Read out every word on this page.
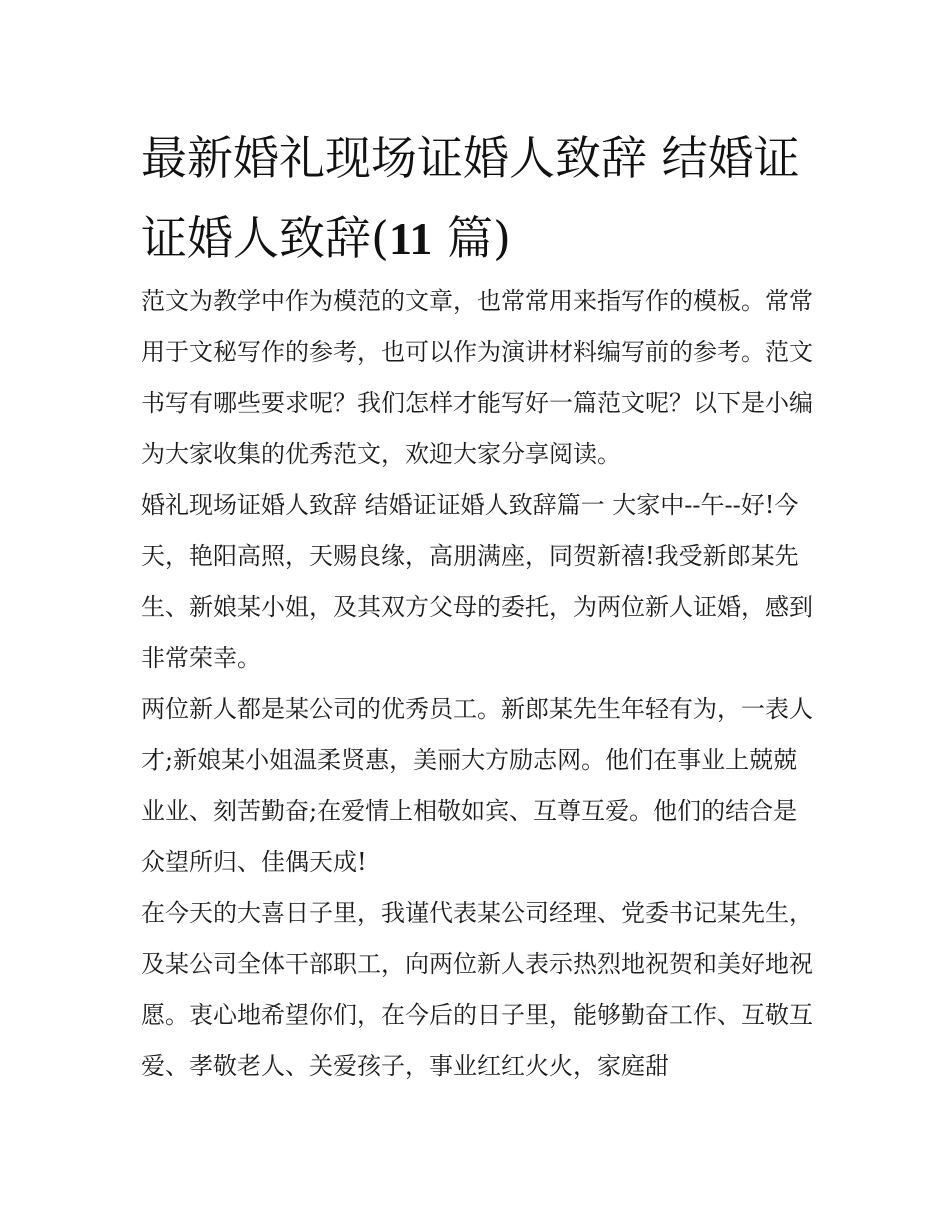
最新婚礼现场证婚人致辞 结婚证证婚人致辞(11 篇)

范文为教学中作为模范的文章，也常常用来指写作的模板。常常用于文秘写作的参考，也可以作为演讲材料编写前的参考。范文书写有哪些要求呢？我们怎样才能写好一篇范文呢？以下是小编为大家收集的优秀范文，欢迎大家分享阅读。

婚礼现场证婚人致辞 结婚证证婚人致辞篇一 大家中--午--好!今天，艳阳高照，天赐良缘，高朋满座，同贺新禧!我受新郎某先生、新娘某小姐，及其双方父母的委托，为两位新人证婚，感到非常荣幸。

两位新人都是某公司的优秀员工。新郎某先生年轻有为，一表人才;新娘某小姐温柔贤惠，美丽大方励志网。他们在事业上兢兢业业、刻苦勤奋;在爱情上相敬如宾、互尊互爱。他们的结合是众望所归、佳偶天成!

在今天的大喜日子里，我谨代表某公司经理、党委书记某先生，及某公司全体干部职工，向两位新人表示热烈地祝贺和美好地祝愿。衷心地希望你们，在今后的日子里，能够勤奋工作、互敬互爱、孝敬老人、关爱孩子，事业红红火火，家庭甜
